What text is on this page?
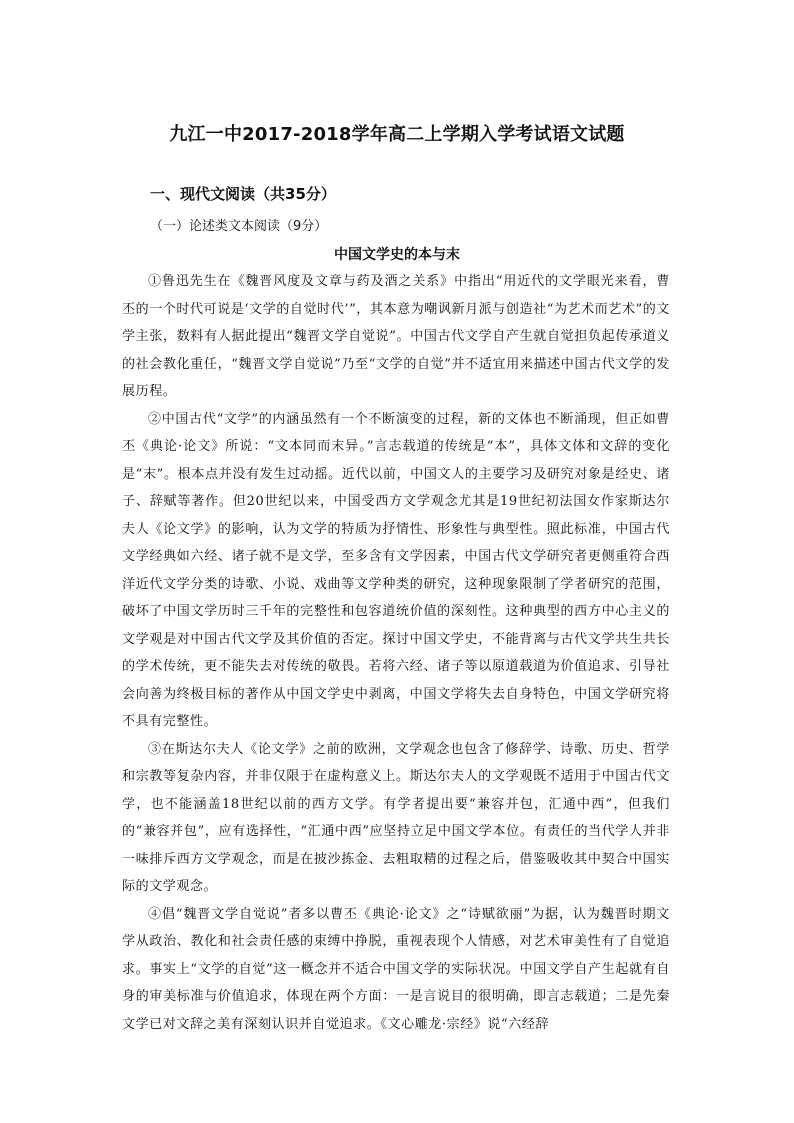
九江一中2017-2018学年高二上学期入学考试语文试题
一、现代文阅读（共35分）
（一）论述类文本阅读（9分）
中国文学史的本与末

①鲁迅先生在《魏晋风度及文章与药及酒之关系》中指出“用近代的文学眼光来看，曹丕的一个时代可说是‘文学的自觉时代’”，其本意为嘲讽新月派与创造社“为艺术而艺术”的文学主张，数料有人据此提出“魏晋文学自觉说”。中国古代文学自产生就自觉担负起传承道义的社会教化重任，“魏晋文学自觉说”乃至“文学的自觉”并不适宜用来描述中国古代文学的发展历程。

②中国古代“文学”的内涵虽然有一个不断演变的过程，新的文体也不断涌现，但正如曹丕《典论·论文》所说：“文本同而末异。”言志载道的传统是“本”，具体文体和文辞的变化是“末”。根本点并没有发生过动摇。近代以前，中国文人的主要学习及研究对象是经史、诸子、辞赋等著作。但20世纪以来，中国受西方文学观念尤其是19世纪初法国女作家斯达尔夫人《论文学》的影响，认为文学的特质为抒情性、形象性与典型性。照此标准，中国古代文学经典如六经、诸子就不是文学，至多含有文学因素，中国古代文学研究者更侧重符合西洋近代文学分类的诗歌、小说、戏曲等文学种类的研究，这种现象限制了学者研究的范围，破坏了中国文学历时三千年的完整性和包容道统价值的深刻性。这种典型的西方中心主义的文学观是对中国古代文学及其价值的否定。探讨中国文学史，不能背离与古代文学共生共长的学术传统，更不能失去对传统的敬畏。若将六经、诸子等以原道载道为价值追求、引导社会向善为终极目标的著作从中国文学史中剥离，中国文学将失去自身特色，中国文学研究将不具有完整性。

③在斯达尔夫人《论文学》之前的欧洲，文学观念也包含了修辞学、诗歌、历史、哲学和宗教等复杂内容，并非仅限于在虚构意义上。斯达尔夫人的文学观既不适用于中国古代文学，也不能涵盖18世纪以前的西方文学。有学者提出要“兼容并包，汇通中西”，但我们的“兼容并包”，应有选择性，“汇通中西”应坚持立足中国文学本位。有责任的当代学人并非一味排斥西方文学观念，而是在披沙拣金、去粗取精的过程之后，借鉴吸收其中契合中国实际的文学观念。

④倡“魏晋文学自觉说”者多以曹丕《典论·论文》之“诗赋欲丽”为据，认为魏晋时期文学从政治、教化和社会责任感的束缚中挣脱，重视表现个人情感，对艺术审美性有了自觉追求。事实上“文学的自觉”这一概念并不适合中国文学的实际状况。中国文学自产生起就有自身的审美标准与价值追求，体现在两个方面：一是言说目的很明确，即言志载道；二是先秦文学已对文辞之美有深刻认识并自觉追求。《文心雕龙·宗经》说“六经辞
